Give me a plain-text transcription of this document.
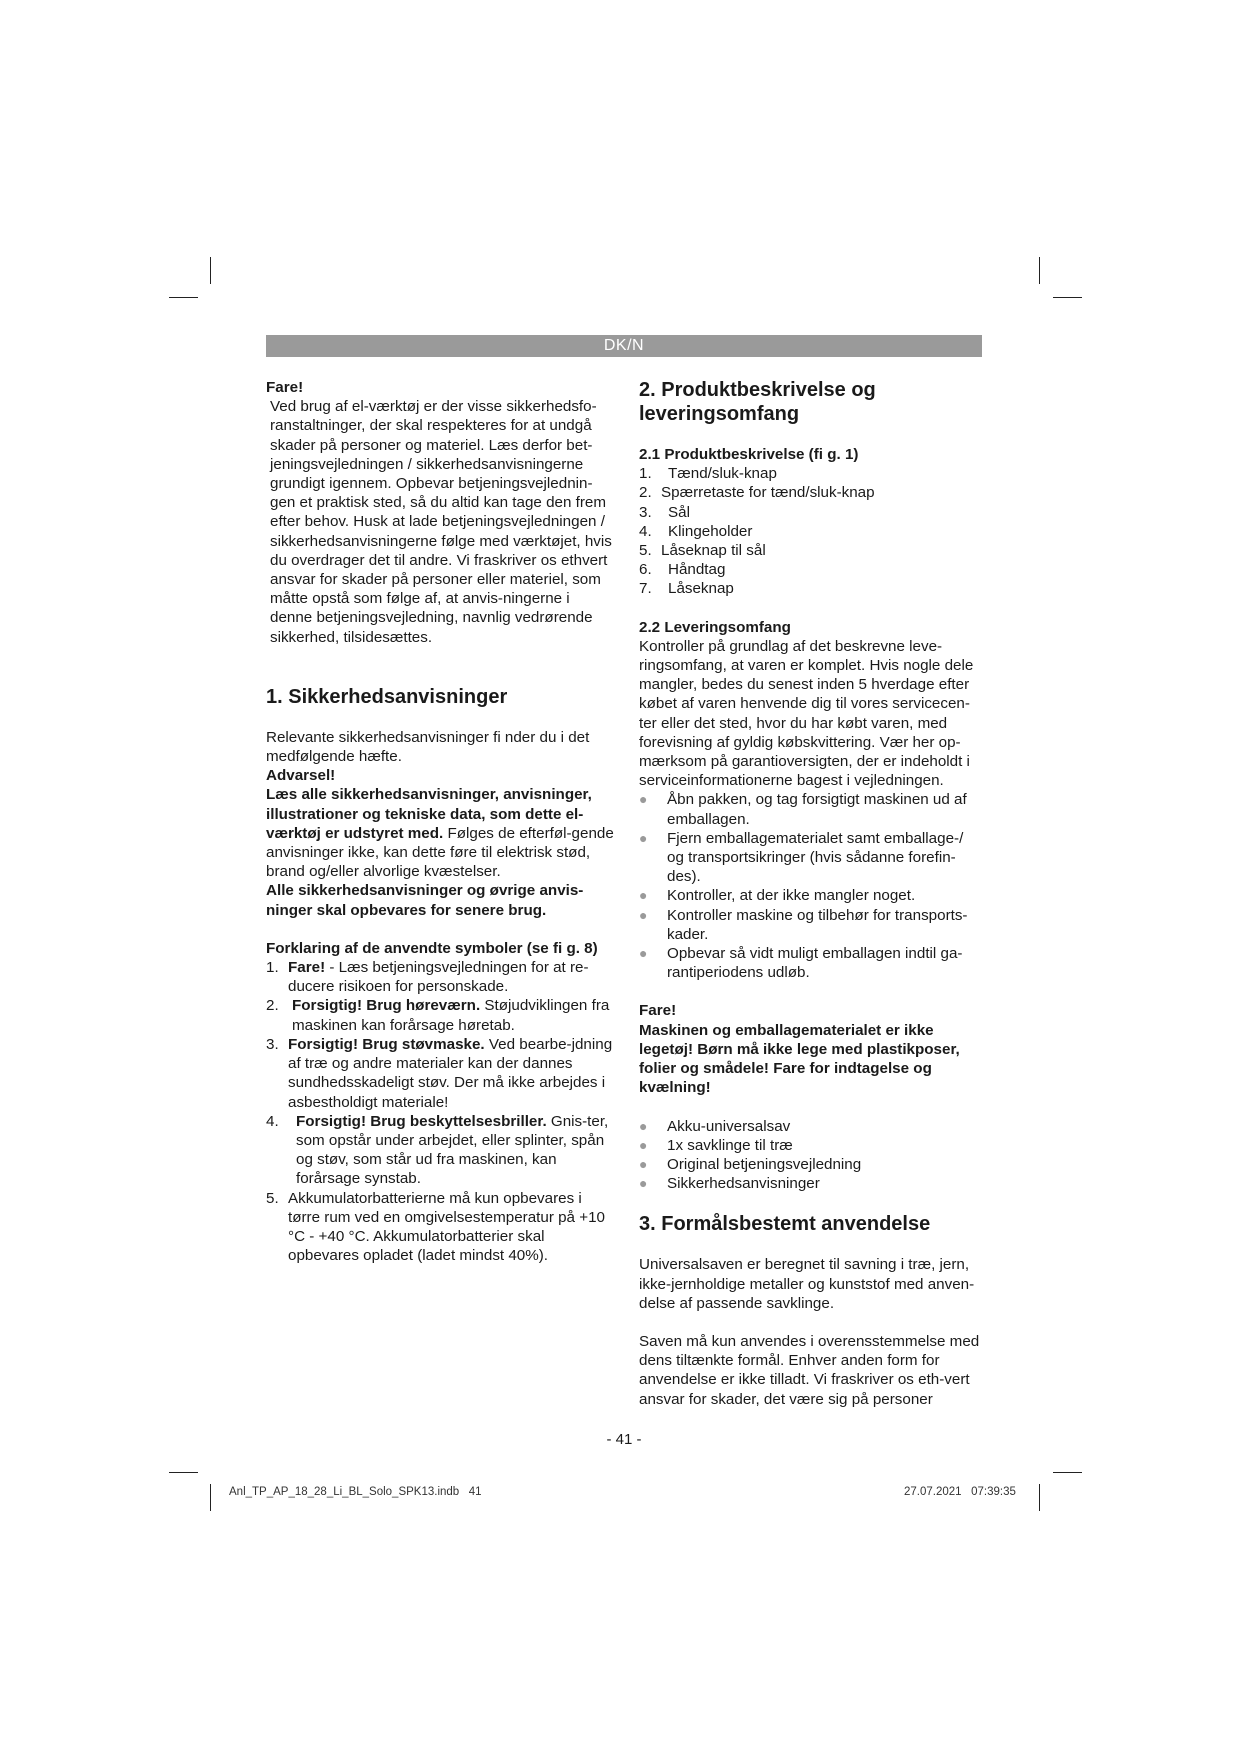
DK/N

Fare!

Ved brug af el-værktøj er der visse sikkerhedsfo-ranstaltninger, der skal respekteres for at undgå skader på personer og materiel. Læs derfor bet-jeningsvejledningen / sikkerhedsanvisningerne grundigt igennem. Opbevar betjeningsvejlednin-gen et praktisk sted, så du altid kan tage den frem efter behov. Husk at lade betjeningsvejledningen / sikkerhedsanvisningerne følge med værktøjet, hvis du overdrager det til andre. Vi fraskriver os ethvert ansvar for skader på personer eller materiel, som måtte opstå som følge af, at anvis-ningerne i denne betjeningsvejledning, navnlig vedrørende sikkerhed, tilsidesættes.

1. Sikkerhedsanvisninger

Relevante sikkerhedsanvisninger fi nder du i det medfølgende hæfte.

Advarsel!

Læs alle sikkerhedsanvisninger, anvisninger, illustrationer og tekniske data, som dette el-værktøj er udstyret med. Følges de efterføl-gende anvisninger ikke, kan dette føre til elektrisk stød, brand og/eller alvorlige kvæstelser.

Alle sikkerhedsanvisninger og øvrige anvis-ninger skal opbevares for senere brug.

Forklaring af de anvendte symboler (se fi g. 8)
1. Fare! - Læs betjeningsvejledningen for at re-ducere risikoen for personskade.
2. Forsigtig! Brug høreværn. Støjudviklingen fra maskinen kan forårsage høretab.
3. Forsigtig! Brug støvmaske. Ved bearbe-jdning af træ og andre materialer kan der dannes sundhedsskadeligt støv. Der må ikke arbejdes i asbestholdigt materiale!
4.	Forsigtig! Brug beskyttelsesbriller. Gnis-ter, som opstår under arbejdet, eller splinter, spån og støv, som står ud fra maskinen, kan forårsage synstab.
5. Akkumulatorbatterierne må kun opbevares i tørre rum ved en omgivelsestemperatur på +10 °C - +40 °C. Akkumulatorbatterier skal opbevares opladet (ladet mindst 40%).
2. Produktbeskrivelse og leveringsomfang
2.1 Produktbeskrivelse (fi g. 1)
1.	Tænd/sluk-knap
2. Spærretaste for tænd/sluk-knap
3.	Sål
4.	Klingeholder
5. Låseknap til sål
6.	Håndtag
7.	Låseknap
2.2 Leveringsomfang

Kontroller på grundlag af det beskrevne leve-ringsomfang, at varen er komplet. Hvis nogle dele mangler, bedes du senest inden 5 hverdage efter købet af varen henvende dig til vores servicecen-ter eller det sted, hvor du har købt varen, med forevisning af gyldig købskvittering. Vær her op-mærksom på garantioversigten, der er indeholdt i serviceinformationerne bagest i vejledningen.

●	Åbn pakken, og tag forsigtigt maskinen ud af emballagen.
●	Fjern emballagematerialet samt emballage-/ og transportsikringer (hvis sådanne forefin-des).
●	Kontroller, at der ikke mangler noget.
●	Kontroller maskine og tilbehør for transports-kader.
●	Opbevar så vidt muligt emballagen indtil ga-rantiperiodens udløb.

Fare!

Maskinen og emballagematerialet er ikke legetøj! Børn må ikke lege med plastikposer, folier og smådele! Fare for indtagelse og kvælning!

●	Akku-universalsav
●	1x savklinge til træ
●	Original betjeningsvejledning
●	Sikkerhedsanvisninger
3. Formålsbestemt anvendelse

Universalsaven er beregnet til savning i træ, jern, ikke-jernholdige metaller og kunststof med anven-delse af passende savklinge.

Saven må kun anvendes i overensstemmelse med dens tiltænkte formål. Enhver anden form for anvendelse er ikke tilladt. Vi fraskriver os eth-vert ansvar for skader, det være sig på personer

- 41 -
Anl_TP_AP_18_28_Li_BL_Solo_SPK13.indb   41	27.07.2021   07:39:35
